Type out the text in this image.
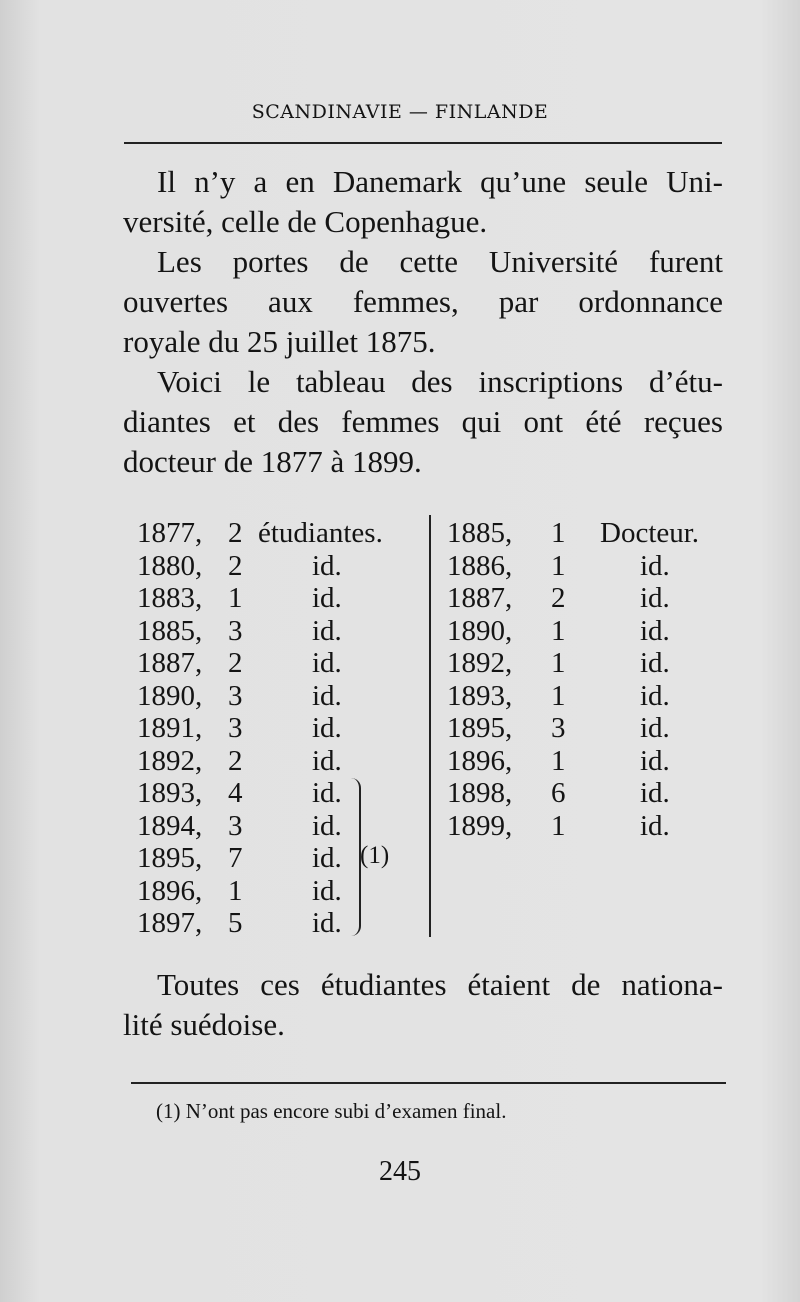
SCANDINAVIE — FINLANDE
Il n’y a en Danemark qu’une seule Uni-
versité, celle de Copenhague.
Les portes de cette Université furent
ouvertes aux femmes, par ordonnance
royale du 25 juillet 1875.
Voici le tableau des inscriptions d’étu-
diantes et des femmes qui ont été reçues
docteur de 1877 à 1899.
1877, 2 étudiantes.
1880, 2 id.
1883, 1 id.
1885, 3 id.
1887, 2 id.
1890, 3 id.
1891, 3 id.
1892, 2 id.
1893, 4 id.
1894, 3 id.
1895, 7 id.
1896, 1 id.
1897, 5 id.
1885, 1 Docteur.
1886, 1	id.
1887, 2	id.
1890, 1	id.
1892, 1	id.
1893, 1	id.
1895, 3	id.
1896, 1	id.
1898, 6	id.
1899, 1	id.
(1)
Toutes ces étudiantes étaient de nationa-
lité suédoise.
(1) N’ont pas encore subi d’examen final.
245
